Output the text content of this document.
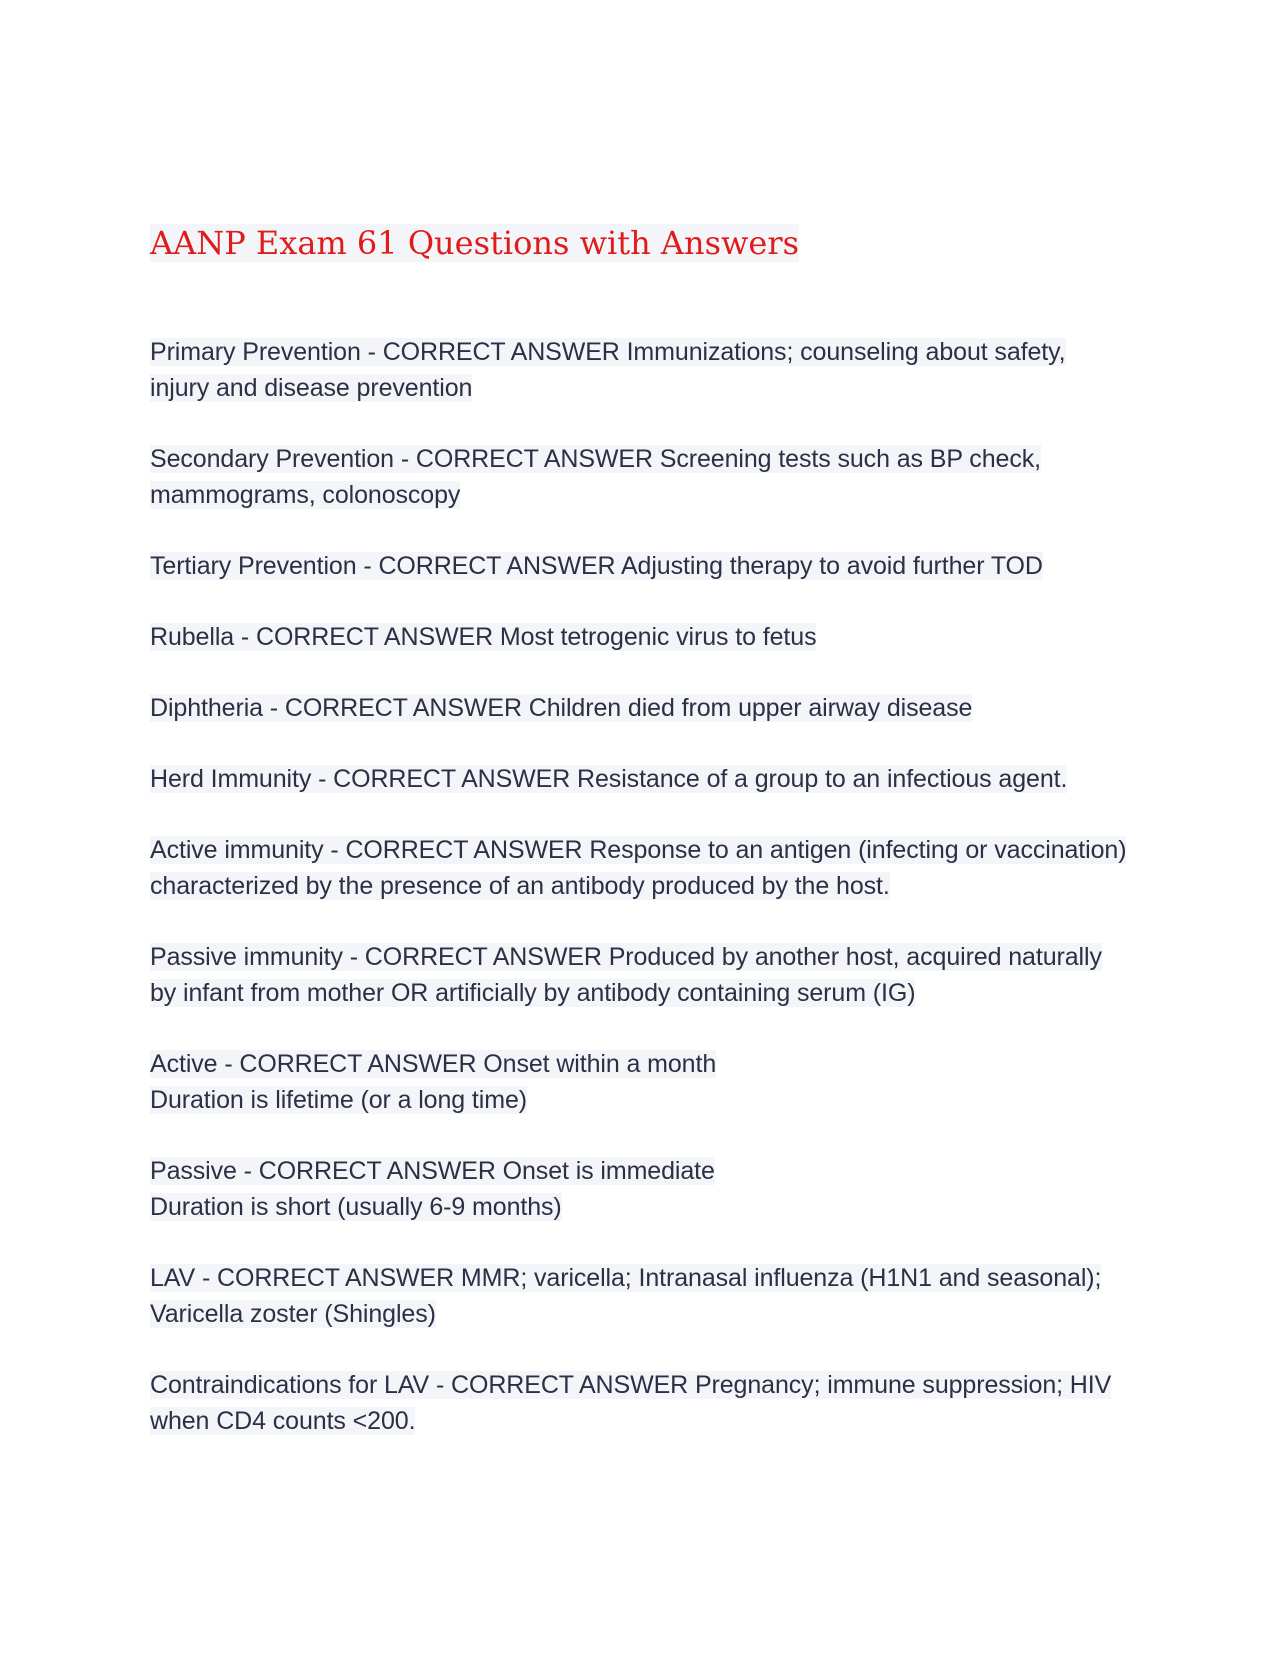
AANP Exam 61 Questions with Answers

Primary Prevention - CORRECT ANSWER Immunizations; counseling about safety, injury and disease prevention

Secondary Prevention - CORRECT ANSWER Screening tests such as BP check, mammograms, colonoscopy

Tertiary Prevention - CORRECT ANSWER Adjusting therapy to avoid further TOD

Rubella - CORRECT ANSWER Most tetrogenic virus to fetus

Diphtheria - CORRECT ANSWER Children died from upper airway disease

Herd Immunity - CORRECT ANSWER Resistance of a group to an infectious agent.

Active immunity - CORRECT ANSWER Response to an antigen (infecting or vaccination) characterized by the presence of an antibody produced by the host.

Passive immunity - CORRECT ANSWER Produced by another host, acquired naturally by infant from mother OR artificially by antibody containing serum (IG)

Active - CORRECT ANSWER Onset within a month
Duration is lifetime (or a long time)

Passive - CORRECT ANSWER Onset is immediate
Duration is short (usually 6-9 months)

LAV - CORRECT ANSWER MMR; varicella; Intranasal influenza (H1N1 and seasonal); Varicella zoster (Shingles)

Contraindications for LAV - CORRECT ANSWER Pregnancy; immune suppression; HIV when CD4 counts <200.
